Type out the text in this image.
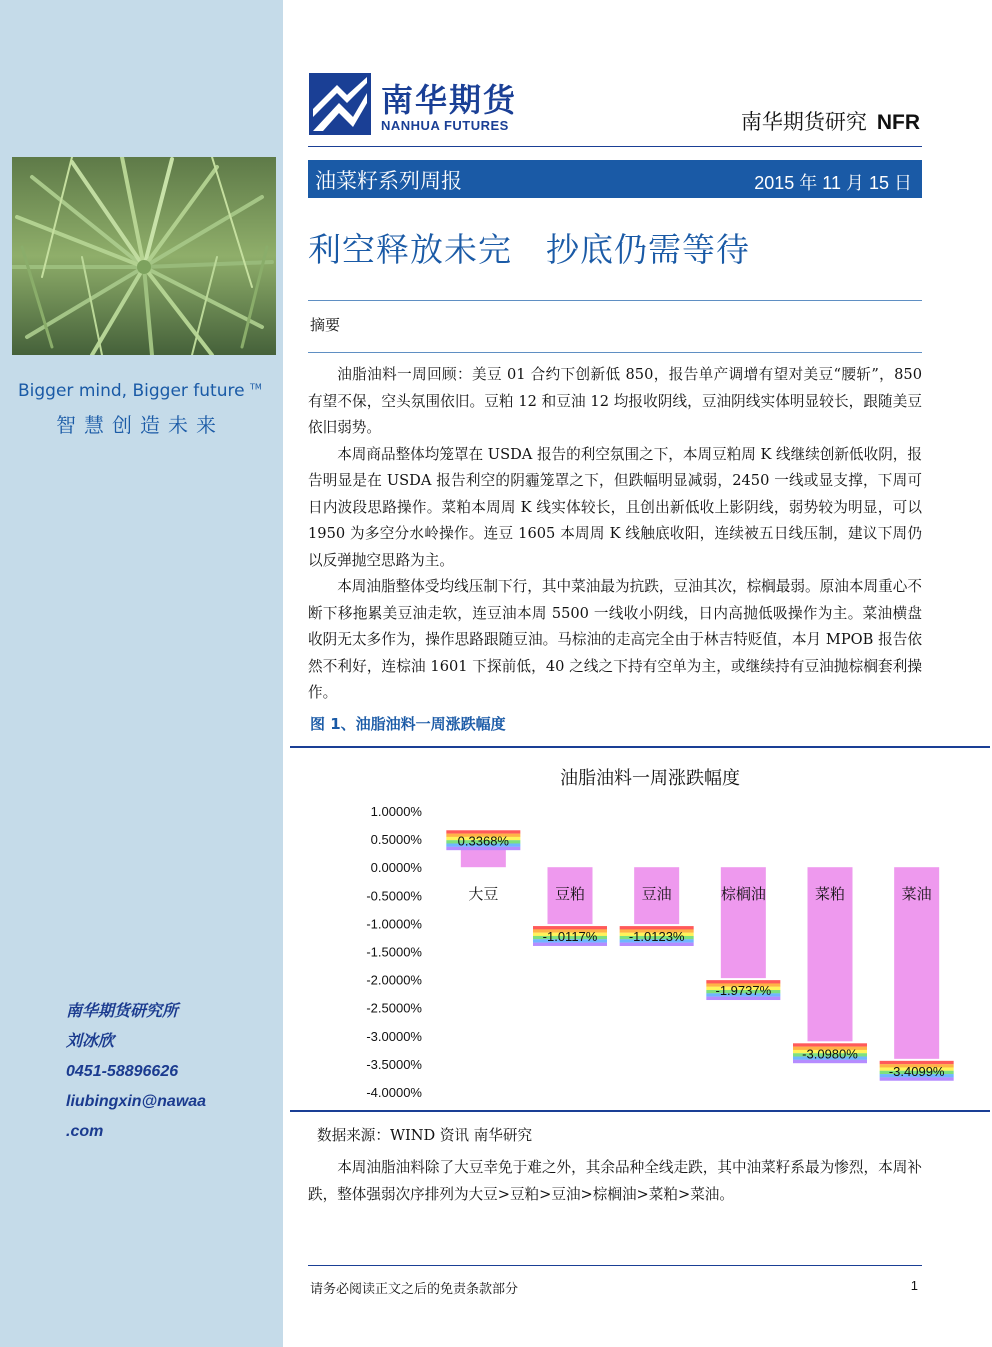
Bigger mind, Bigger future ™
智慧创造未来
南华期货研究所
刘冰欣
0451-58896626
liubingxin@nawaa
.com
南华期货
NANHUA FUTURES	南华期货研究 NFR
油菜籽系列周报	2015 年 11 月 15 日
利空释放未完　抄底仍需等待
摘要

油脂油料一周回顾：美豆 01 合约下创新低 850，报告单产调增有望对美豆“腰斩”，850 有望不保，空头氛围依旧。豆粕 12 和豆油 12 均报收阴线，豆油阴线实体明显较长，跟随美豆依旧弱势。

本周商品整体均笼罩在 USDA 报告的利空氛围之下，本周豆粕周 K 线继续创新低收阴，报告明显是在 USDA 报告利空的阴霾笼罩之下，但跌幅明显减弱，2450 一线或显支撑，下周可日内波段思路操作。菜粕本周周 K 线实体较长，且创出新低收上影阴线，弱势较为明显，可以 1950 为多空分水岭操作。连豆 1605 本周周 K 线触底收阳，连续被五日线压制，建议下周仍以反弹抛空思路为主。

本周油脂整体受均线压制下行，其中菜油最为抗跌，豆油其次，棕榈最弱。原油本周重心不断下移拖累美豆油走软，连豆油本周 5500 一线收小阴线，日内高抛低吸操作为主。菜油横盘收阴无太多作为，操作思路跟随豆油。马棕油的走高完全由于林吉特贬值，本月 MPOB 报告依然不利好，连棕油 1601 下探前低，40 之线之下持有空单为主，或继续持有豆油抛棕榈套利操作。

图 1、油脂油料一周涨跌幅度
油脂油料一周涨跌幅度
1.0000%
0.5000%
0.0000%
-0.5000%
-1.0000%
-1.5000%
-2.0000%
-2.5000%
-3.0000%
-3.5000%
-4.0000%
大豆	豆粕	豆油	棕榈油	菜粕	菜油
0.3368%
-1.0117% -1.0123%
-1.9737%
-3.0980%
-3.4099%
数据来源：WIND 资讯 南华研究

本周油脂油料除了大豆幸免于难之外，其余品种全线走跌，其中油菜籽系最为惨烈，本周补跌，整体强弱次序排列为大豆>豆粕>豆油>棕榈油>菜粕>菜油。

请务必阅读正文之后的免责条款部分	1
